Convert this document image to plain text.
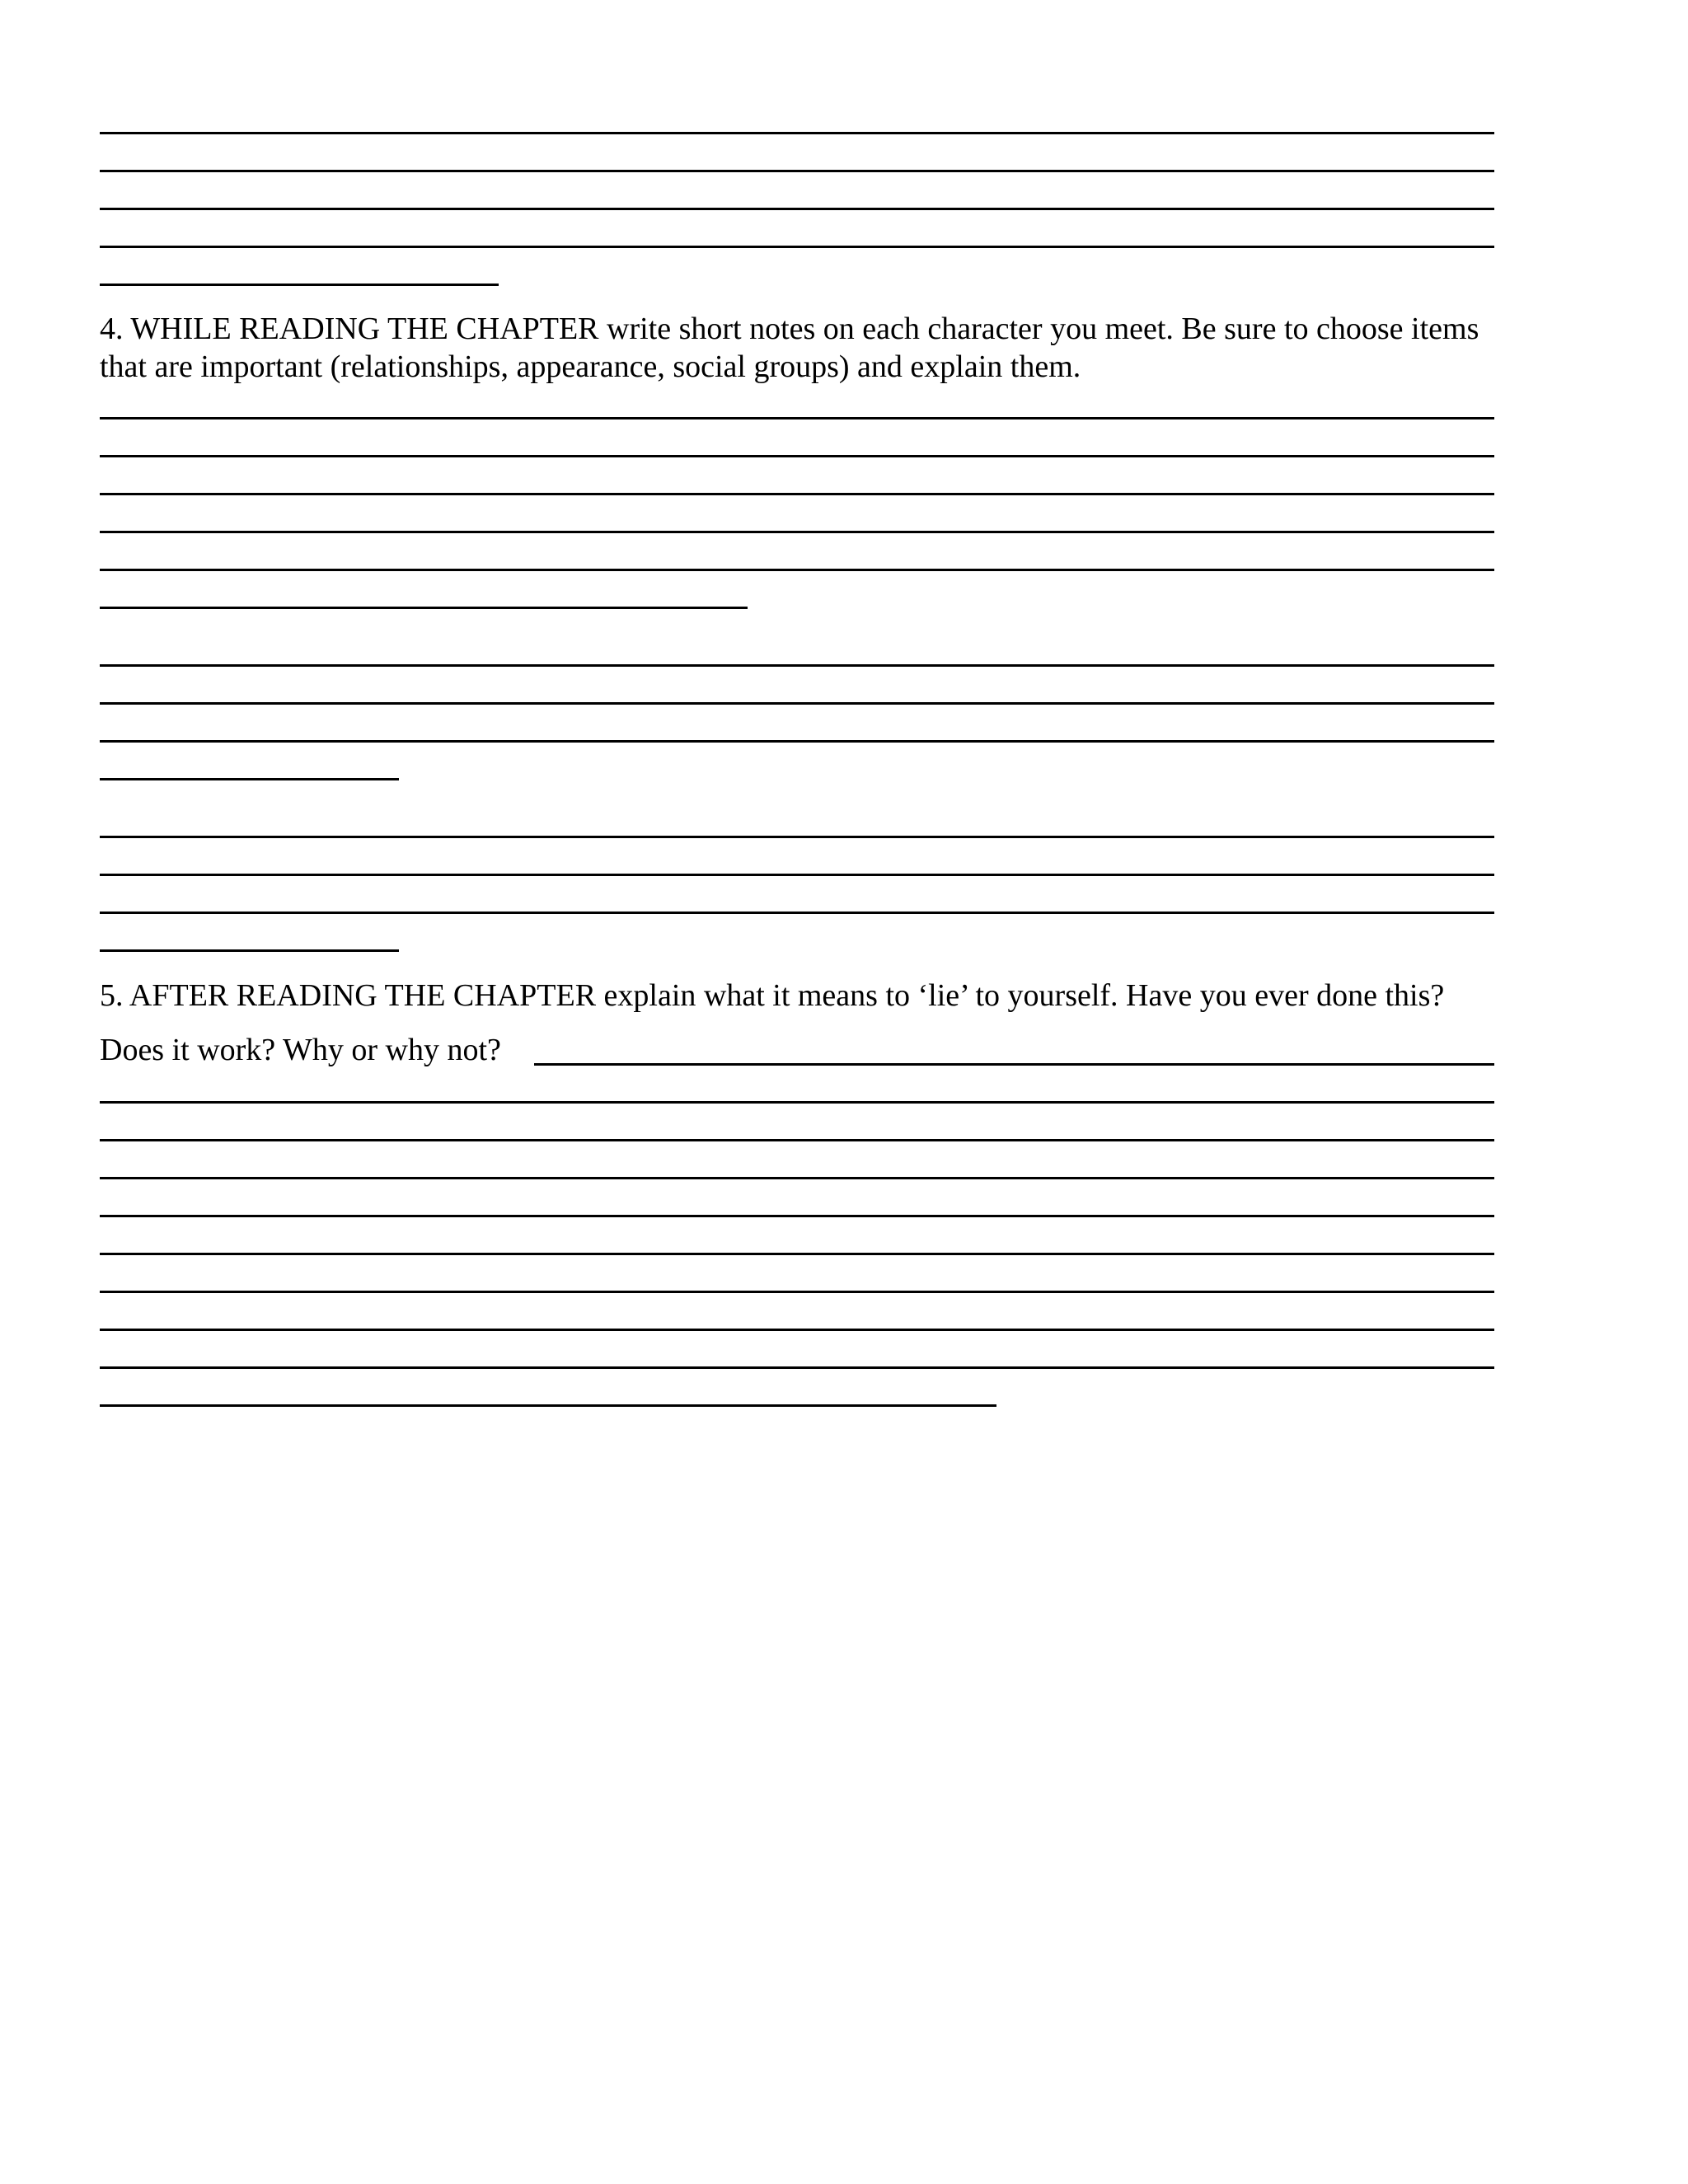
4. WHILE READING THE CHAPTER write short notes on each character you meet. Be sure to choose items

that are important (relationships, appearance, social groups) and explain them.

5. AFTER READING THE CHAPTER explain what it means to ‘lie’ to yourself. Have you ever done this?

Does it work? Why or why not?
